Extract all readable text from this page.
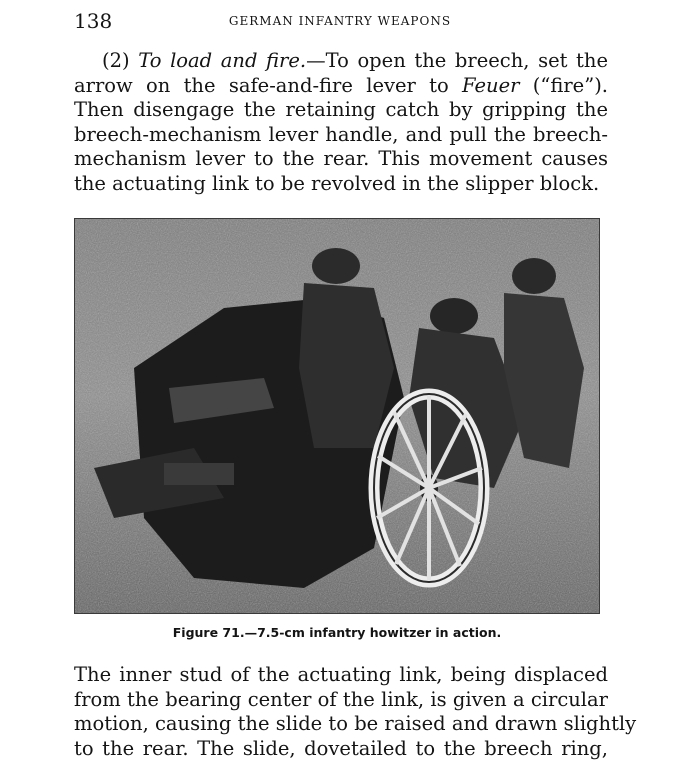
138	GERMAN INFANTRY WEAPONS

(2) To load and fire.—To open the breech, set the
arrow on the safe-and-fire lever to Feuer (“fire”).
Then disengage the retaining catch by gripping the
breech-mechanism lever handle, and pull the breech-
mechanism lever to the rear. This movement causes
the actuating link to be revolved in the slipper block.

Figure 71.—7.5-cm infantry howitzer in action.

The inner stud of the actuating link, being displaced
from the bearing center of the link, is given a circular
motion, causing the slide to be raised and drawn slightly
to the rear. The slide, dovetailed to the breech ring,
